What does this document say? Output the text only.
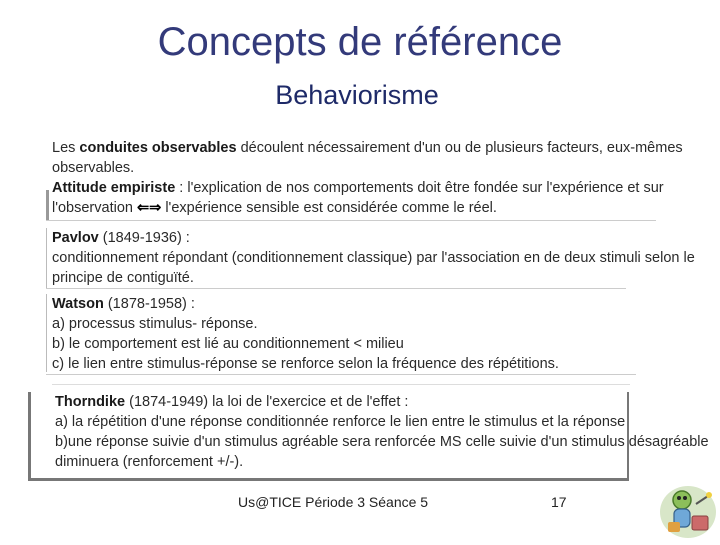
Concepts de référence
Behaviorisme
Les conduites observables découlent nécessairement d'un ou de plusieurs facteurs, eux-mêmes observables.
Attitude empiriste : l'explication de nos comportements doit être fondée sur l'expérience et sur l'observation ⇐⇒ l'expérience sensible est considérée comme le réel.
Pavlov (1849-1936) :
conditionnement répondant (conditionnement classique) par l'association en de deux stimuli selon le principe de contiguïté.
Watson (1878-1958) :
a) processus stimulus- réponse.
b) le comportement est lié au conditionnement < milieu
c) le lien entre stimulus-réponse se renforce selon la fréquence des répétitions.
Thorndike (1874-1949) la loi de l'exercice et de l'effet :
a) la répétition d'une réponse conditionnée renforce le lien entre le stimulus et la réponse
b)une réponse suivie d'un stimulus agréable sera renforcée MS celle suivie d'un stimulus désagréable diminuera (renforcement +/-).
Us@TICE Période 3 Séance 5	17
